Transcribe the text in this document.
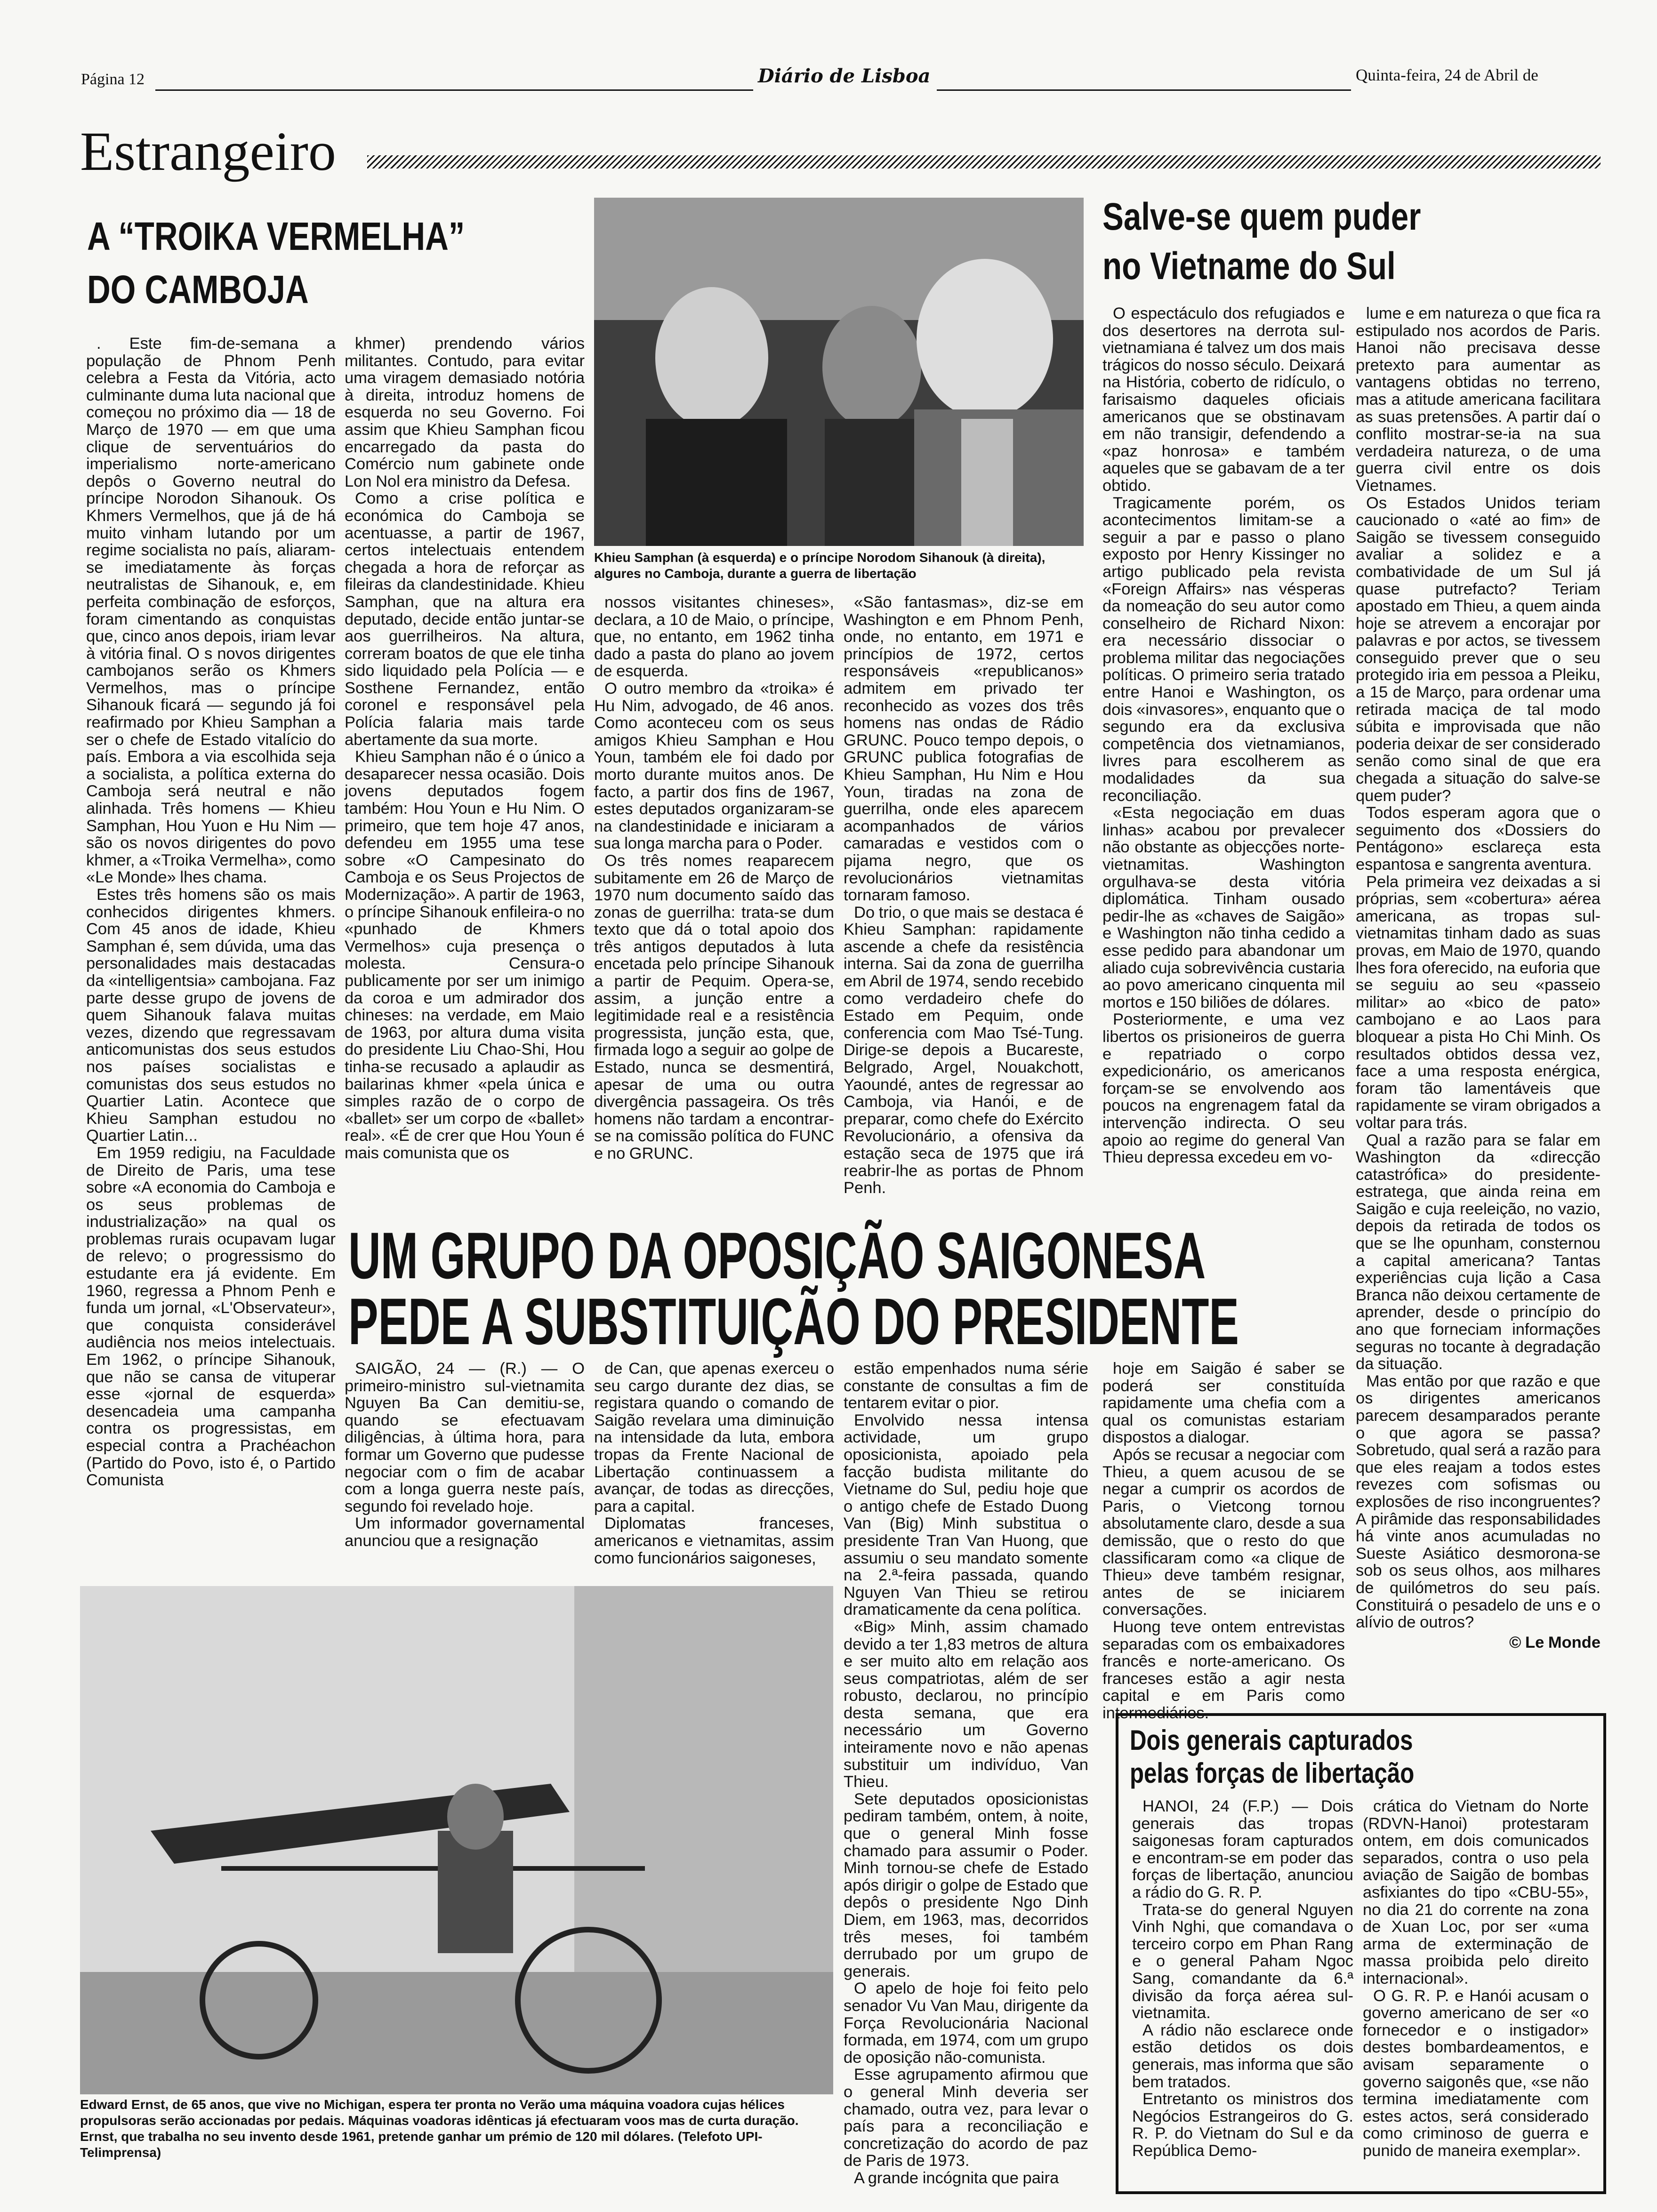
Página 12	Diário de Lisboa	Quinta-feira, 24 de Abril de
Estrangeiro
A “TROIKA VERMELHA”
DO CAMBOJA
Khieu Samphan (à esquerda) e o príncipe Norodom Sihanouk (à direita), algures no Camboja, durante a guerra de libertação

. Este fim-de-semana a população de Phnom Penh celebra a Festa da Vitória, acto culminante duma luta nacional que começou no próximo dia — 18 de Março de 1970 — em que uma clique de serventuários do imperialismo norte-americano depôs o Governo neutral do príncipe Norodon Sihanouk. Os Khmers Vermelhos, que já de há muito vinham lutando por um regime socialista no país, aliaram-se imediatamente às forças neutralistas de Sihanouk, e, em perfeita combinação de esforços, foram cimentando as conquistas que, cinco anos depois, iriam levar à vitória final. O s novos dirigentes cambojanos serão os Khmers Vermelhos, mas o príncipe Sihanouk ficará — segundo já foi reafirmado por Khieu Samphan a ser o chefe de Estado vitalício do país. Embora a via escolhida seja a socialista, a política externa do Camboja será neutral e não alinhada. Três homens — Khieu Samphan, Hou Yuon e Hu Nim — são os novos dirigentes do povo khmer, a «Troika Vermelha», como «Le Monde» lhes chama.

Estes três homens são os mais conhecidos dirigentes khmers. Com 45 anos de idade, Khieu Samphan é, sem dúvida, uma das personalidades mais destacadas da «intelligentsia» cambojana. Faz parte desse grupo de jovens de quem Sihanouk falava muitas vezes, dizendo que regressavam anticomunistas dos seus estudos nos países socialistas e comunistas dos seus estudos no Quartier Latin. Acontece que Khieu Samphan estudou no Quartier Latin...

Em 1959 redigiu, na Faculdade de Direito de Paris, uma tese sobre «A economia do Camboja e os seus problemas de industrialização» na qual os problemas rurais ocupavam lugar de relevo; o progressismo do estudante era já evidente. Em 1960, regressa a Phnom Penh e funda um jornal, «L'Observateur», que conquista considerável audiência nos meios intelectuais. Em 1962, o príncipe Sihanouk, que não se cansa de vituperar esse «jornal de esquerda» desencadeia uma campanha contra os progressistas, em especial contra a Prachéachon (Partido do Povo, isto é, o Partido Comunista

khmer) prendendo vários militantes. Contudo, para evitar uma viragem demasiado notória à direita, introduz homens de esquerda no seu Governo. Foi assim que Khieu Samphan ficou encarregado da pasta do Comércio num gabinete onde Lon Nol era ministro da Defesa.

Como a crise política e económica do Camboja se acentuasse, a partir de 1967, certos intelectuais entendem chegada a hora de reforçar as fileiras da clandestinidade. Khieu Samphan, que na altura era deputado, decide então juntar-se aos guerrilheiros. Na altura, correram boatos de que ele tinha sido liquidado pela Polícia — e Sosthene Fernandez, então coronel e responsável pela Polícia falaria mais tarde abertamente da sua morte.

Khieu Samphan não é o único a desaparecer nessa ocasião. Dois jovens deputados fogem também: Hou Youn e Hu Nim. O primeiro, que tem hoje 47 anos, defendeu em 1955 uma tese sobre «O Campesinato do Camboja e os Seus Projectos de Modernização». A partir de 1963, o príncipe Sihanouk enfileira-o no «punhado de Khmers Vermelhos» cuja presença o molesta. Censura-o publicamente por ser um inimigo da coroa e um admirador dos chineses: na verdade, em Maio de 1963, por altura duma visita do presidente Liu Chao-Shi, Hou tinha-se recusado a aplaudir as bailarinas khmer «pela única e simples razão de o corpo de «ballet» ser um corpo de «ballet» real». «É de crer que Hou Youn é mais comunista que os

nossos visitantes chineses», declara, a 10 de Maio, o príncipe, que, no entanto, em 1962 tinha dado a pasta do plano ao jovem de esquerda.

O outro membro da «troika» é Hu Nim, advogado, de 46 anos. Como aconteceu com os seus amigos Khieu Samphan e Hou Youn, também ele foi dado por morto durante muitos anos. De facto, a partir dos fins de 1967, estes deputados organizaram-se na clandestinidade e iniciaram a sua longa marcha para o Poder.

Os três nomes reaparecem subitamente em 26 de Março de 1970 num documento saído das zonas de guerrilha: trata-se dum texto que dá o total apoio dos três antigos deputados à luta encetada pelo príncipe Sihanouk a partir de Pequim. Opera-se, assim, a junção entre a legitimidade real e a resistência progressista, junção esta, que, firmada logo a seguir ao golpe de Estado, nunca se desmentirá, apesar de uma ou outra divergência passageira. Os três homens não tardam a encontrar-se na comissão política do FUNC e no GRUNC.

«São fantasmas», diz-se em Washington e em Phnom Penh, onde, no entanto, em 1971 e princípios de 1972, certos responsáveis «republicanos» admitem em privado ter reconhecido as vozes dos três homens nas ondas de Rádio GRUNC. Pouco tempo depois, o GRUNC publica fotografias de Khieu Samphan, Hu Nim e Hou Youn, tiradas na zona de guerrilha, onde eles aparecem acompanhados de vários camaradas e vestidos com o pijama negro, que os revolucionários vietnamitas tornaram famoso.

Do trio, o que mais se destaca é Khieu Samphan: rapidamente ascende a chefe da resistência interna. Sai da zona de guerrilha em Abril de 1974, sendo recebido como verdadeiro chefe do Estado em Pequim, onde conferencia com Mao Tsé-Tung. Dirige-se depois a Bucareste, Belgrado, Argel, Nouakchott, Yaoundé, antes de regressar ao Camboja, via Hanói, e de preparar, como chefe do Exército Revolucionário, a ofensiva da estação seca de 1975 que irá reabrir-lhe as portas de Phnom Penh.

Salve-se quem puder
no Vietname do Sul

O espectáculo dos refugiados e dos desertores na derrota sul-vietnamiana é talvez um dos mais trágicos do nosso século. Deixará na História, coberto de ridículo, o farisaismo daqueles oficiais americanos que se obstinavam em não transigir, defendendo a «paz honrosa» e também aqueles que se gabavam de a ter obtido.

Tragicamente porém, os acontecimentos limitam-se a seguir a par e passo o plano exposto por Henry Kissinger no artigo publicado pela revista «Foreign Affairs» nas vésperas da nomeação do seu autor como conselheiro de Richard Nixon: era necessário dissociar o problema militar das negociações políticas. O primeiro seria tratado entre Hanoi e Washington, os dois «invasores», enquanto que o segundo era da exclusiva competência dos vietnamianos, livres para escolherem as modalidades da sua reconciliação.

«Esta negociação em duas linhas» acabou por prevalecer não obstante as objecções norte-vietnamitas. Washington orgulhava-se desta vitória diplomática. Tinham ousado pedir-lhe as «chaves de Saigão» e Washington não tinha cedido a esse pedido para abandonar um aliado cuja sobrevivência custaria ao povo americano cinquenta mil mortos e 150 biliões de dólares.

Posteriormente, e uma vez libertos os prisioneiros de guerra e repatriado o corpo expedicionário, os americanos forçam-se se envolvendo aos poucos na engrenagem fatal da intervenção indirecta. O seu apoio ao regime do general Van Thieu depressa excedeu em vo-

lume e em natureza o que fica ra estipulado nos acordos de Paris. Hanoi não precisava desse pretexto para aumentar as vantagens obtidas no terreno, mas a atitude americana facilitara as suas pretensões. A partir daí o conflito mostrar-se-ia na sua verdadeira natureza, o de uma guerra civil entre os dois Vietnames.

Os Estados Unidos teriam caucionado o «até ao fim» de Saigão se tivessem conseguido avaliar a solidez e a combatividade de um Sul já quase putrefacto? Teriam apostado em Thieu, a quem ainda hoje se atrevem a encorajar por palavras e por actos, se tivessem conseguido prever que o seu protegido iria em pessoa a Pleiku, a 15 de Março, para ordenar uma retirada maciça de tal modo súbita e improvisada que não poderia deixar de ser considerado senão como sinal de que era chegada a situação do salve-se quem puder?

Todos esperam agora que o seguimento dos «Dossiers do Pentágono» esclareça esta espantosa e sangrenta aventura.

Pela primeira vez deixadas a si próprias, sem «cobertura» aérea americana, as tropas sul-vietnamitas tinham dado as suas provas, em Maio de 1970, quando lhes fora oferecido, na euforia que se seguiu ao seu «passeio militar» ao «bico de pato» cambojano e ao Laos para bloquear a pista Ho Chi Minh. Os resultados obtidos dessa vez, face a uma resposta enérgica, foram tão lamentáveis que rapidamente se viram obrigados a voltar para trás.

Qual a razão para se falar em Washington da «direcção catastrófica» do presidente-estratega, que ainda reina em Saigão e cuja reeleição, no vazio, depois da retirada de todos os que se lhe opunham, consternou a capital americana? Tantas experiências cuja lição a Casa Branca não deixou certamente de aprender, desde o princípio do ano que forneciam informações seguras no tocante à degradação da situação.

Mas então por que razão e que os dirigentes americanos parecem desamparados perante o que agora se passa? Sobretudo, qual será a razão para que eles reajam a todos estes revezes com sofismas ou explosões de riso incongruentes? A pirâmide das responsabilidades há vinte anos acumuladas no Sueste Asiático desmorona-se sob os seus olhos, aos milhares de quilómetros do seu país. Constituirá o pesadelo de uns e o alívio de outros?

© Le Monde

UM GRUPO DA OPOSIÇÃO SAIGONESA
PEDE A SUBSTITUIÇÃO DO PRESIDENTE

SAIGÃO, 24 — (R.) — O primeiro-ministro sul-vietnamita Nguyen Ba Can demitiu-se, quando se efectuavam diligências, à última hora, para formar um Governo que pudesse negociar com o fim de acabar com a longa guerra neste país, segundo foi revelado hoje.

Um informador governamental anunciou que a resignação

de Can, que apenas exerceu o seu cargo durante dez dias, se registara quando o comando de Saigão revelara uma diminuição na intensidade da luta, embora tropas da Frente Nacional de Libertação continuassem a avançar, de todas as direcções, para a capital.

Diplomatas franceses, americanos e vietnamitas, assim como funcionários saigoneses,

estão empenhados numa série constante de consultas a fim de tentarem evitar o pior.

Envolvido nessa intensa actividade, um grupo oposicionista, apoiado pela facção budista militante do Vietname do Sul, pediu hoje que o antigo chefe de Estado Duong Van (Big) Minh substitua o presidente Tran Van Huong, que assumiu o seu mandato somente na 2.ª-feira passada, quando Nguyen Van Thieu se retirou dramaticamente da cena política.

«Big» Minh, assim chamado devido a ter 1,83 metros de altura e ser muito alto em relação aos seus compatriotas, além de ser robusto, declarou, no princípio desta semana, que era necessário um Governo inteiramente novo e não apenas substituir um indivíduo, Van Thieu.

Sete deputados oposicionistas pediram também, ontem, à noite, que o general Minh fosse chamado para assumir o Poder. Minh tornou-se chefe de Estado após dirigir o golpe de Estado que depôs o presidente Ngo Dinh Diem, em 1963, mas, decorridos três meses, foi também derrubado por um grupo de generais.

O apelo de hoje foi feito pelo senador Vu Van Mau, dirigente da Força Revolucionária Nacional formada, em 1974, com um grupo de oposição não-comunista.

Esse agrupamento afirmou que o general Minh deveria ser chamado, outra vez, para levar o país para a reconciliação e concretização do acordo de paz de Paris de 1973.

A grande incógnita que paira

hoje em Saigão é saber se poderá ser constituída rapidamente uma chefia com a qual os comunistas estariam dispostos a dialogar.

Após se recusar a negociar com Thieu, a quem acusou de se negar a cumprir os acordos de Paris, o Vietcong tornou absolutamente claro, desde a sua demissão, que o resto do que classificaram como «a clique de Thieu» deve também resignar, antes de se iniciarem conversações.

Huong teve ontem entrevistas separadas com os embaixadores francês e norte-americano. Os franceses estão a agir nesta capital e em Paris como intermediários.

Edward Ernst, de 65 anos, que vive no Michigan, espera ter pronta no Verão uma máquina voadora cujas hélices propulsoras serão accionadas por pedais. Máquinas voadoras idênticas já efectuaram voos mas de curta duração. Ernst, que trabalha no seu invento desde 1961, pretende ganhar um prémio de 120 mil dólares. (Telefoto UPI-Telimprensa)
Dois generais capturados
pelas forças de libertação

HANOI, 24 (F.P.) — Dois generais das tropas saigonesas foram capturados e encontram-se em poder das forças de libertação, anunciou a rádio do G. R. P.

Trata-se do general Nguyen Vinh Nghi, que comandava o terceiro corpo em Phan Rang e o general Paham Ngoc Sang, comandante da 6.ª divisão da força aérea sul-vietnamita.

A rádio não esclarece onde estão detidos os dois generais, mas informa que são bem tratados.

Entretanto os ministros dos Negócios Estrangeiros do G. R. P. do Vietnam do Sul e da República Demo-

crática do Vietnam do Norte (RDVN-Hanoi) protestaram ontem, em dois comunicados separados, contra o uso pela aviação de Saigão de bombas asfixiantes do tipo «CBU-55», no dia 21 do corrente na zona de Xuan Loc, por ser «uma arma de exterminação de massa proibida pelo direito internacional».

O G. R. P. e Hanói acusam o governo americano de ser «o fornecedor e o instigador» destes bombardeamentos, e avisam separamente o governo saigonês que, «se não termina imediatamente com estes actos, será considerado como criminoso de guerra e punido de maneira exemplar».
